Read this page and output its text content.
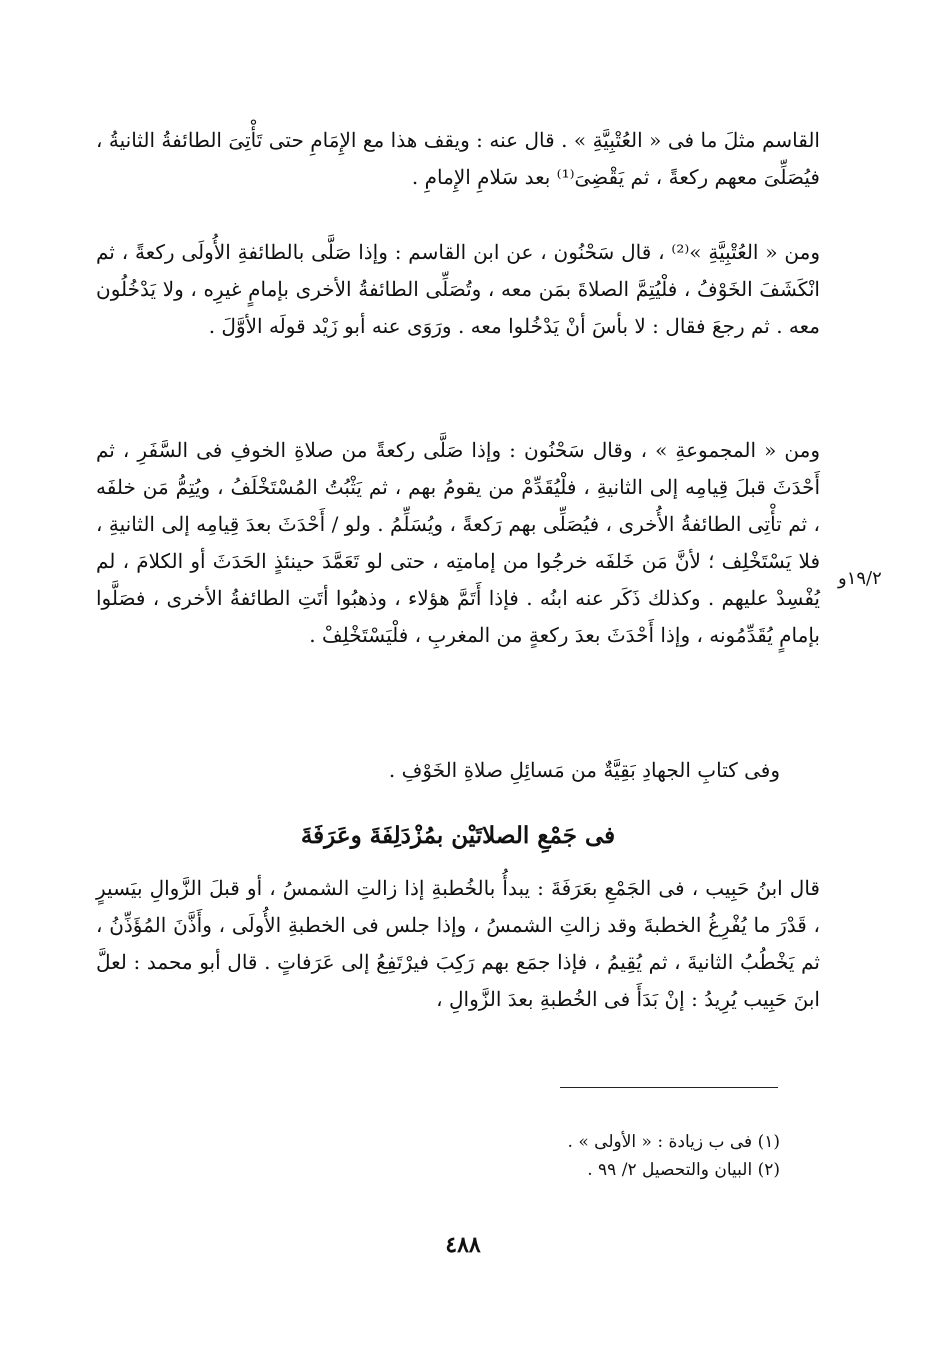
القاسم مثلَ ما فى « العُتْبِيَّةِ » . قال عنه : ويقف هذا مع الإِمَامِ حتى تَأْتِىَ الطائفةُ الثانيةُ ، فيُصَلِّىَ معهم ركعةً ، ثم يَقْضِىَ⁽¹⁾ بعد سَلامِ الإِمامِ .

ومن « العُتْبِيَّةِ »⁽²⁾ ، قال سَحْنُون ، عن ابن القاسم : وإذا صَلَّى بالطائفةِ الأُولَى ركعةً ، ثم انْكَشَفَ الخَوْفُ ، فلْيُتِمَّ الصلاةَ بمَن معه ، وتُصَلِّى الطائفةُ الأخرى بإمامٍ غيرِه ، ولا يَدْخُلُون معه . ثم رجعَ فقال : لا بأسَ أنْ يَدْخُلوا معه . ورَوَى عنه أبو زَيْد قولَه الأوَّلَ .

ومن « المجموعةِ » ، وقال سَحْنُون : وإذا صَلَّى ركعةً من صلاةِ الخوفِ فى السَّفَرِ ، ثم أَحْدَثَ قبلَ قِيامِه إلى الثانيةِ ، فلْيُقَدِّمْ من يقومُ بهم ، ثم يَثْبُتُ المُسْتَخْلَفُ ، ويُتِمُّ مَن خلفَه ، ثم تأْتِى الطائفةُ الأُخرى ، فيُصَلِّى بهم رَكعةً ، ويُسَلِّمُ . ولو / أَحْدَثَ بعدَ قِيامِه إلى الثانيةِ ، فلا يَسْتَخْلِف ؛ لأنَّ مَن خَلفَه خرجُوا من إمامتِه ، حتى لو تَعَمَّدَ حينئذٍ الحَدَثَ أو الكلامَ ، لم يُفْسِدْ عليهم . وكذلك ذَكَر عنه ابنُه . فإذا أَتَمَّ هؤلاء ، وذهبُوا أتَتِ الطائفةُ الأخرى ، فصَلَّوا بإمامٍ يُقَدِّمُونه ، وإذا أَحْدَثَ بعدَ ركعةٍ من المغربِ ، فلْيَسْتَخْلِفْ .

١٩/٢و

وفى كتابِ الجهادِ بَقِيَّةٌ من مَسائِلِ صلاةِ الخَوْفِ .

فى جَمْعِ الصلاتَيْن بمُزْدَلِفَةَ وعَرَفَةَ

قال ابنُ حَبِيب ، فى الجَمْعِ بعَرَفَةَ : يبدأُ بالخُطبةِ إذا زالتِ الشمسُ ، أو قبلَ الزَّوالِ بيَسيرٍ ، قَدْرَ ما يُفْرِغُ الخطبةَ وقد زالتِ الشمسُ ، وإذا جلس فى الخطبةِ الأُولَى ، وأَذَّنَ المُؤَذِّنُ ، ثم يَخْطُبُ الثانيةَ ، ثم يُقِيمُ ، فإذا جمَع بهم رَكِبَ فيرْتَفِعُ إلى عَرَفاتٍ . قال أبو محمد : لعلَّ ابنَ حَبِيب يُرِيدُ : إنْ بَدَأَ فى الخُطبةِ بعدَ الزَّوالِ ،

(١) فى ب زيادة : « الأولى » .
(٢) البيان والتحصيل ٢/ ٩٩ .
٤٨٨
